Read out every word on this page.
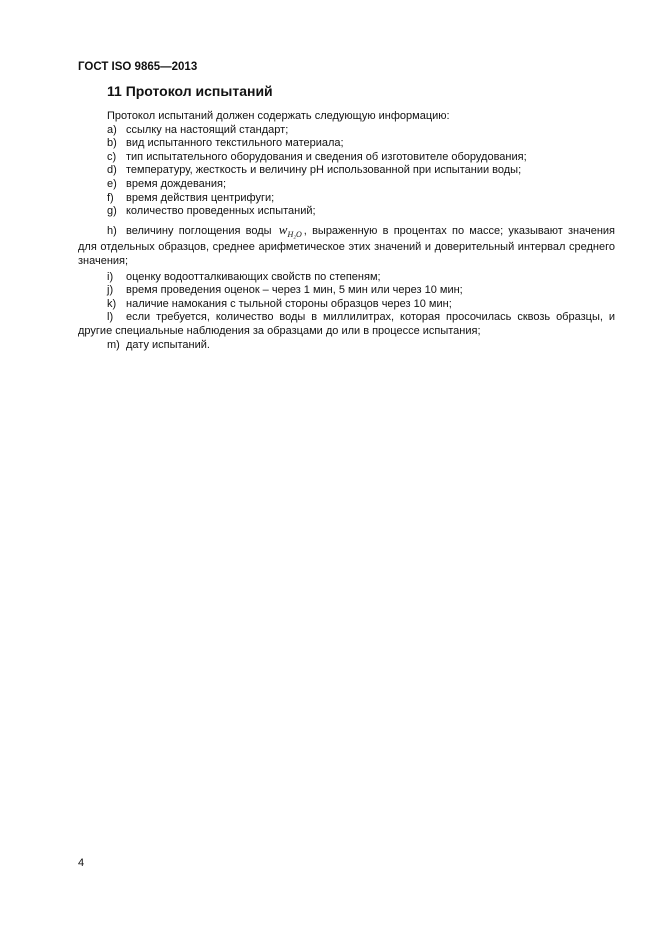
ГОСТ ISO 9865—2013
11 Протокол испытаний
Протокол испытаний должен содержать следующую информацию:
a) ссылку на настоящий стандарт;
b) вид испытанного текстильного материала;
c) тип испытательного оборудования и сведения об изготовителе оборудования;
d) температуру, жесткость и величину pH использованной при испытании воды;
e) время дождевания;
f)	время действия центрифуги;
g) количество проведенных испытаний;
h) величину поглощения воды $w_{H_2O}$ , выраженную в процентах по массе; указывают значения для отдельных образцов, среднее арифметическое этих значений и доверительный интервал среднего значения;
i)	оценку водоотталкивающих свойств по степеням;
j)	время проведения оценок – через 1 мин, 5 мин или через 10 мин;
k) наличие намокания с тыльной стороны образцов через 10 мин;
l) если требуется, количество воды в миллилитрах, которая просочилась сквозь образцы, и другие специальные наблюдения за образцами до или в процессе испытания;
m) дату испытаний.
4
